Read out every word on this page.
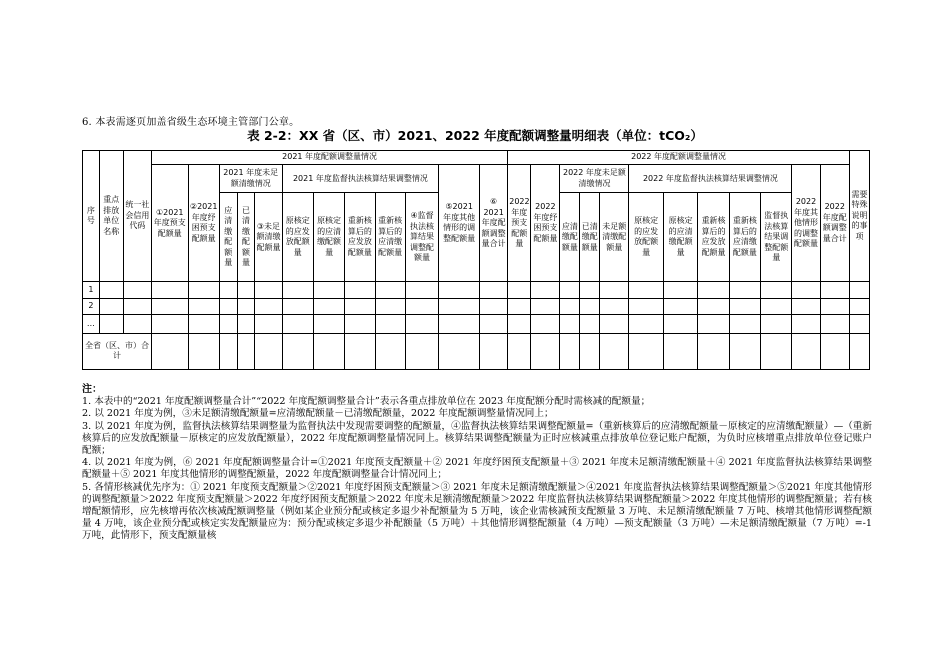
6. 本表需逐页加盖省级生态环境主管部门公章。
表 2-2：XX 省（区、市）2021、2022 年度配额调整量明细表（单位：tCO₂）
序号	重点排放单位名称	统一社会信用代码	2021 年度配额调整量情况												2022 年度配额调整量情况												需要特殊说明的事项
			①2021 年度预支配额量	②2021 年度纾困预支配额量	2021 年度未足额清缴情况			2021 年度监督执法核算结果调整情况					⑤2021 年度其他情形的调整配额量	⑥ 2021 年度配额调整量合计	2022 年度预支配额量	2022 年度纾困预支配额量	2022 年度未足额清缴情况			2022 年度监督执法核算结果调整情况					2022 年度其他情形的调整配额量	2022 年度配额调整量合计	
					应清缴配额量	已清缴配额量	③未足额清缴配额量	原核定的应发放配额量	原核定的应清缴配额量	重新核算后的应发放配额量	重新核算后的应清缴配额量	④监督执法核算结果调整配额量					应清缴配额量	已清缴配额量	未足额清缴配额量	原核定的应发放配额量	原核定的应清缴配额量	重新核算后的应发放配额量	重新核算后的应清缴配额量	监督执法核算结果调整配额量			

1																											
2																											
…																											
全省（区、市）合计																											

注：

1. 本表中的“2021 年度配额调整量合计”“2022 年度配额调整量合计”表示各重点排放单位在 2023 年度配额分配时需核减的配额量；

2. 以 2021 年度为例，③未足额清缴配额量=应清缴配额量－已清缴配额量，2022 年度配额调整量情况同上；

3. 以 2021 年度为例，监督执法核算结果调整量为监督执法中发现需要调整的配额量，④监督执法核算结果调整配额量=（重新核算后的应清缴配额量－原核定的应清缴配额量）—（重新核算后的应发放配额量－原核定的应发放配额量），2022 年度配额调整量情况同上。核算结果调整配额量为正时应核减重点排放单位登记账户配额，为负时应核增重点排放单位登记账户配额；

4. 以 2021 年度为例，⑥ 2021 年度配额调整量合计=①2021 年度预支配额量＋② 2021 年度纾困预支配额量＋③ 2021 年度未足额清缴配额量＋④ 2021 年度监督执法核算结果调整配额量＋⑤ 2021 年度其他情形的调整配额量，2022 年度配额调整量合计情况同上；

5. 各情形核减优先序为：① 2021 年度预支配额量＞②2021 年度纾困预支配额量＞③ 2021 年度未足额清缴配额量＞④2021 年度监督执法核算结果调整配额量＞⑤2021 年度其他情形的调整配额量＞2022 年度预支配额量＞2022 年度纾困预支配额量＞2022 年度未足额清缴配额量＞2022 年度监督执法核算结果调整配额量＞2022 年度其他情形的调整配额量；若有核增配额情形，应先核增再依次核减配额调整量（例如某企业预分配或核定多退少补配额量为 5 万吨，该企业需核减预支配额量 3 万吨、未足额清缴配额量 7 万吨、核增其他情形调整配额量 4 万吨，该企业预分配或核定实发配额量应为：预分配或核定多退少补配额量（5 万吨）＋其他情形调整配额量（4 万吨）—预支配额量（3 万吨）—未足额清缴配额量（7 万吨）=-1 万吨，此情形下，预支配额量核
